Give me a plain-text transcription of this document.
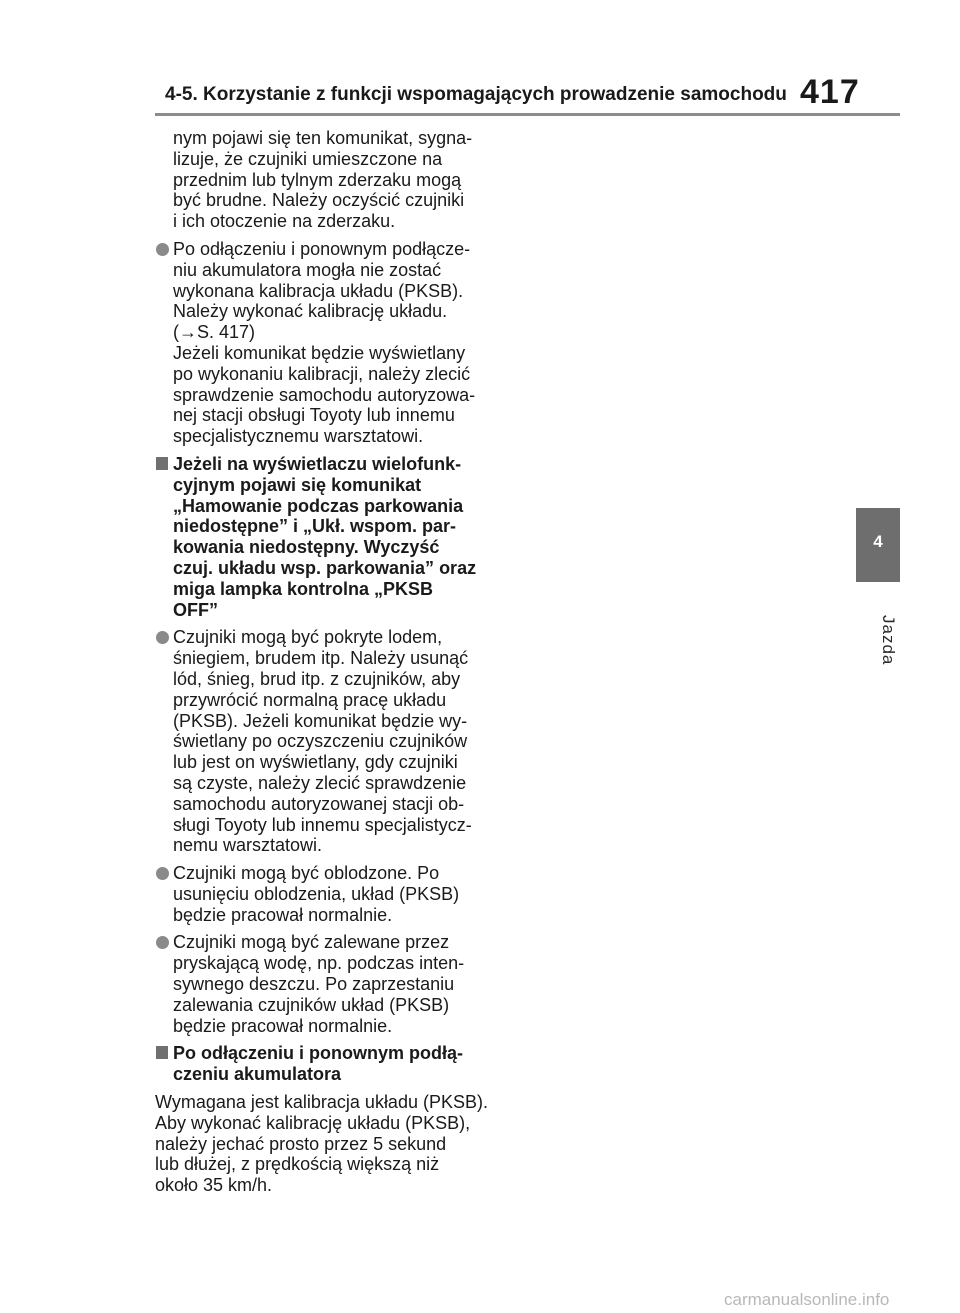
4-5. Korzystanie z funkcji wspomagających prowadzenie samochodu 417
4
Jazda
nym pojawi się ten komunikat, sygna-
lizuje, że czujniki umieszczone na
przednim lub tylnym zderzaku mogą
być brudne. Należy oczyścić czujniki
i ich otoczenie na zderzaku.
Po odłączeniu i ponownym podłącze-
niu akumulatora mogła nie zostać
wykonana kalibracja układu (PKSB).
Należy wykonać kalibrację układu.
(→S. 417)
Jeżeli komunikat będzie wyświetlany
po wykonaniu kalibracji, należy zlecić
sprawdzenie samochodu autoryzowa-
nej stacji obsługi Toyoty lub innemu
specjalistycznemu warsztatowi.
Jeżeli na wyświetlaczu wielofunk-
cyjnym pojawi się komunikat
„Hamowanie podczas parkowania
niedostępne” i „Ukł. wspom. par-
kowania niedostępny. Wyczyść
czuj. układu wsp. parkowania” oraz
miga lampka kontrolna „PKSB
OFF”
Czujniki mogą być pokryte lodem,
śniegiem, brudem itp. Należy usunąć
lód, śnieg, brud itp. z czujników, aby
przywrócić normalną pracę układu
(PKSB). Jeżeli komunikat będzie wy-
świetlany po oczyszczeniu czujników
lub jest on wyświetlany, gdy czujniki
są czyste, należy zlecić sprawdzenie
samochodu autoryzowanej stacji ob-
sługi Toyoty lub innemu specjalistycz-
nemu warsztatowi.
Czujniki mogą być oblodzone. Po
usunięciu oblodzenia, układ (PKSB)
będzie pracował normalnie.
Czujniki mogą być zalewane przez
pryskającą wodę, np. podczas inten-
sywnego deszczu. Po zaprzestaniu
zalewania czujników układ (PKSB)
będzie pracował normalnie.
Po odłączeniu i ponownym podłą-
czeniu akumulatora
Wymagana jest kalibracja układu (PKSB).
Aby wykonać kalibrację układu (PKSB),
należy jechać prosto przez 5 sekund
lub dłużej, z prędkością większą niż
około 35 km/h.
carmanualsonline.info
